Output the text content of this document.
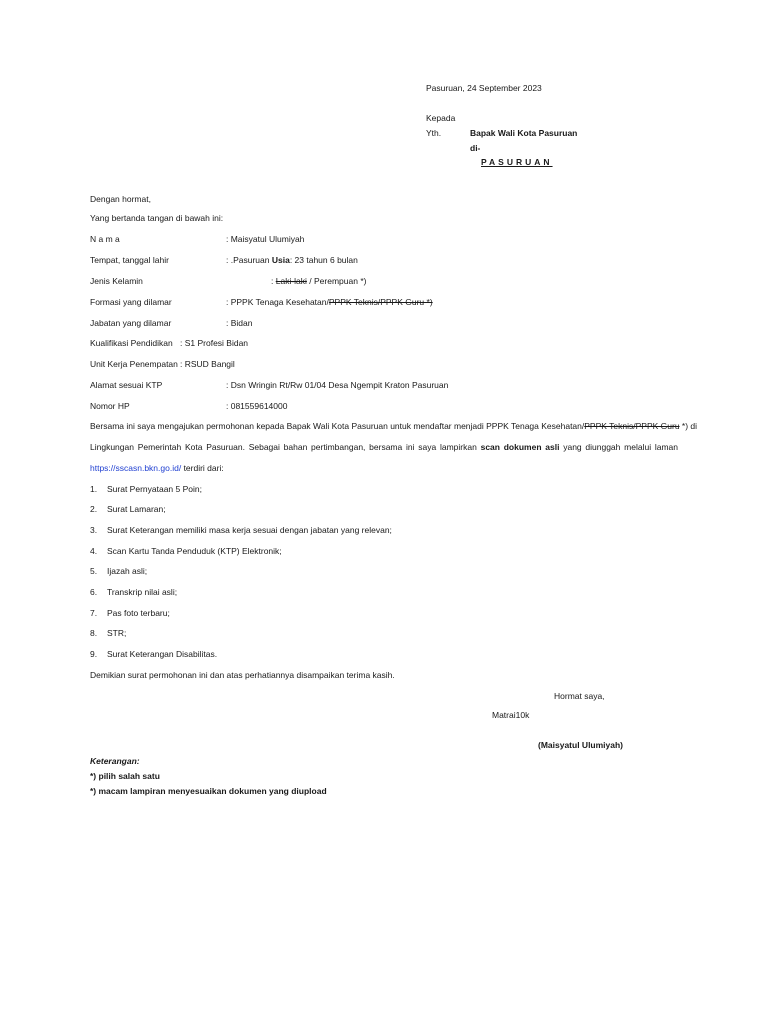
Pasuruan, 24 September 2023
Kepada
Yth.	Bapak Wali Kota Pasuruan
di-
PASURUAN
Dengan hormat,
Yang bertanda tangan di bawah ini:
N a m a	: Maisyatul Ulumiyah
Tempat, tanggal lahir	: .Pasuruan Usia: 23 tahun 6 bulan
Jenis Kelamin	: Laki-laki / Perempuan *)
Formasi yang dilamar	: PPPK Tenaga Kesehatan/PPPK Teknis/PPPK Guru *)
Jabatan yang dilamar	: Bidan
Kualifikasi Pendidikan : S1 Profesi Bidan
Unit Kerja Penempatan : RSUD Bangil
Alamat sesuai KTP	: Dsn Wringin Rt/Rw 01/04 Desa Ngempit Kraton Pasuruan
Nomor HP	: 081559614000
Bersama ini saya mengajukan permohonan kepada Bapak Wali Kota Pasuruan untuk mendaftar menjadi PPPK Tenaga Kesehatan/PPPK Teknis/PPPK Guru *) di
Lingkungan Pemerintah Kota Pasuruan. Sebagai bahan pertimbangan, bersama ini saya lampirkan scan dokumen asli yang diunggah melalui laman
https://sscasn.bkn.go.id/ terdiri dari:
1.	Surat Pernyataan 5 Poin;
2.	Surat Lamaran;
3.	Surat Keterangan memiliki masa kerja sesuai dengan jabatan yang relevan;
4.	Scan Kartu Tanda Penduduk (KTP) Elektronik;
5.	Ijazah asli;
6.	Transkrip nilai asli;
7.	Pas foto terbaru;
8.	STR;
9.	Surat Keterangan Disabilitas.
Demikian surat permohonan ini dan atas perhatiannya disampaikan terima kasih.
Hormat saya,
Matrai10k
(Maisyatul Ulumiyah)
Keterangan:
*) pilih salah satu
*) macam lampiran menyesuaikan dokumen yang diupload
